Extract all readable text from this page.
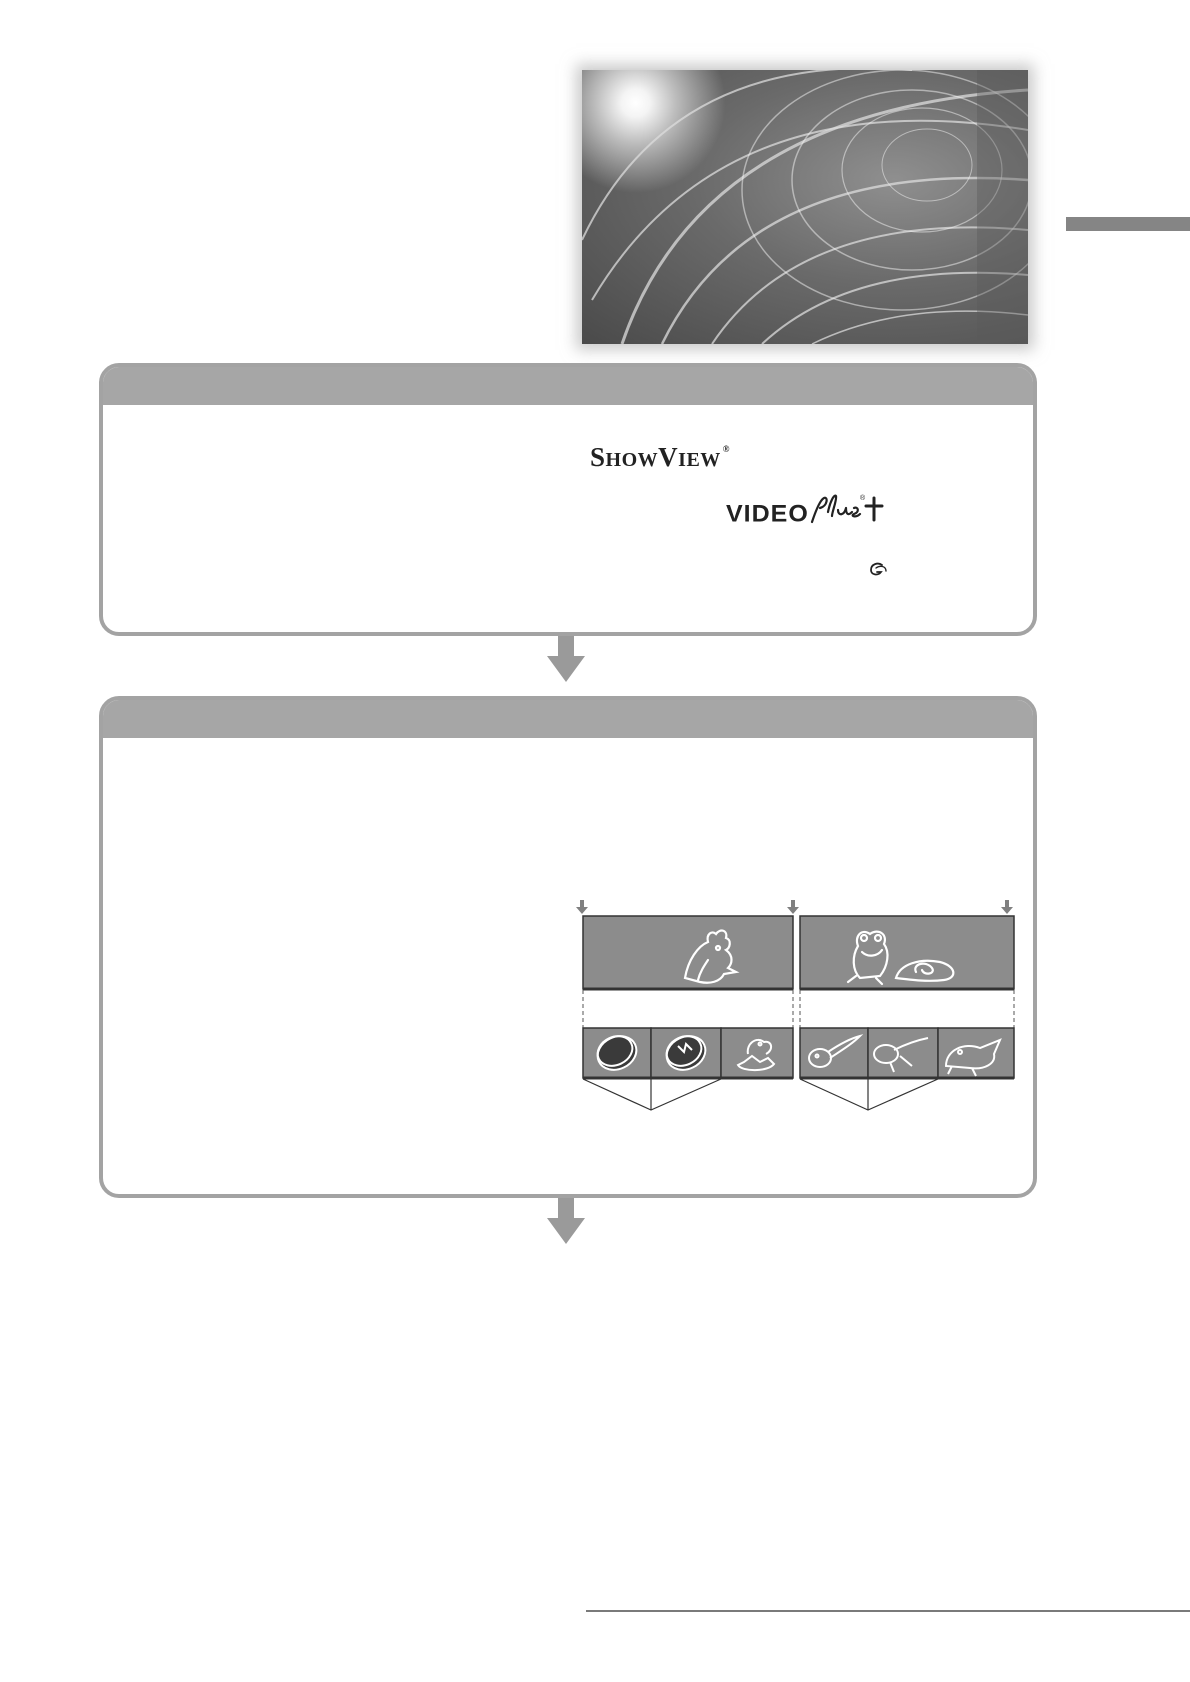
SHOWVIEW ®
VIDEO
®
